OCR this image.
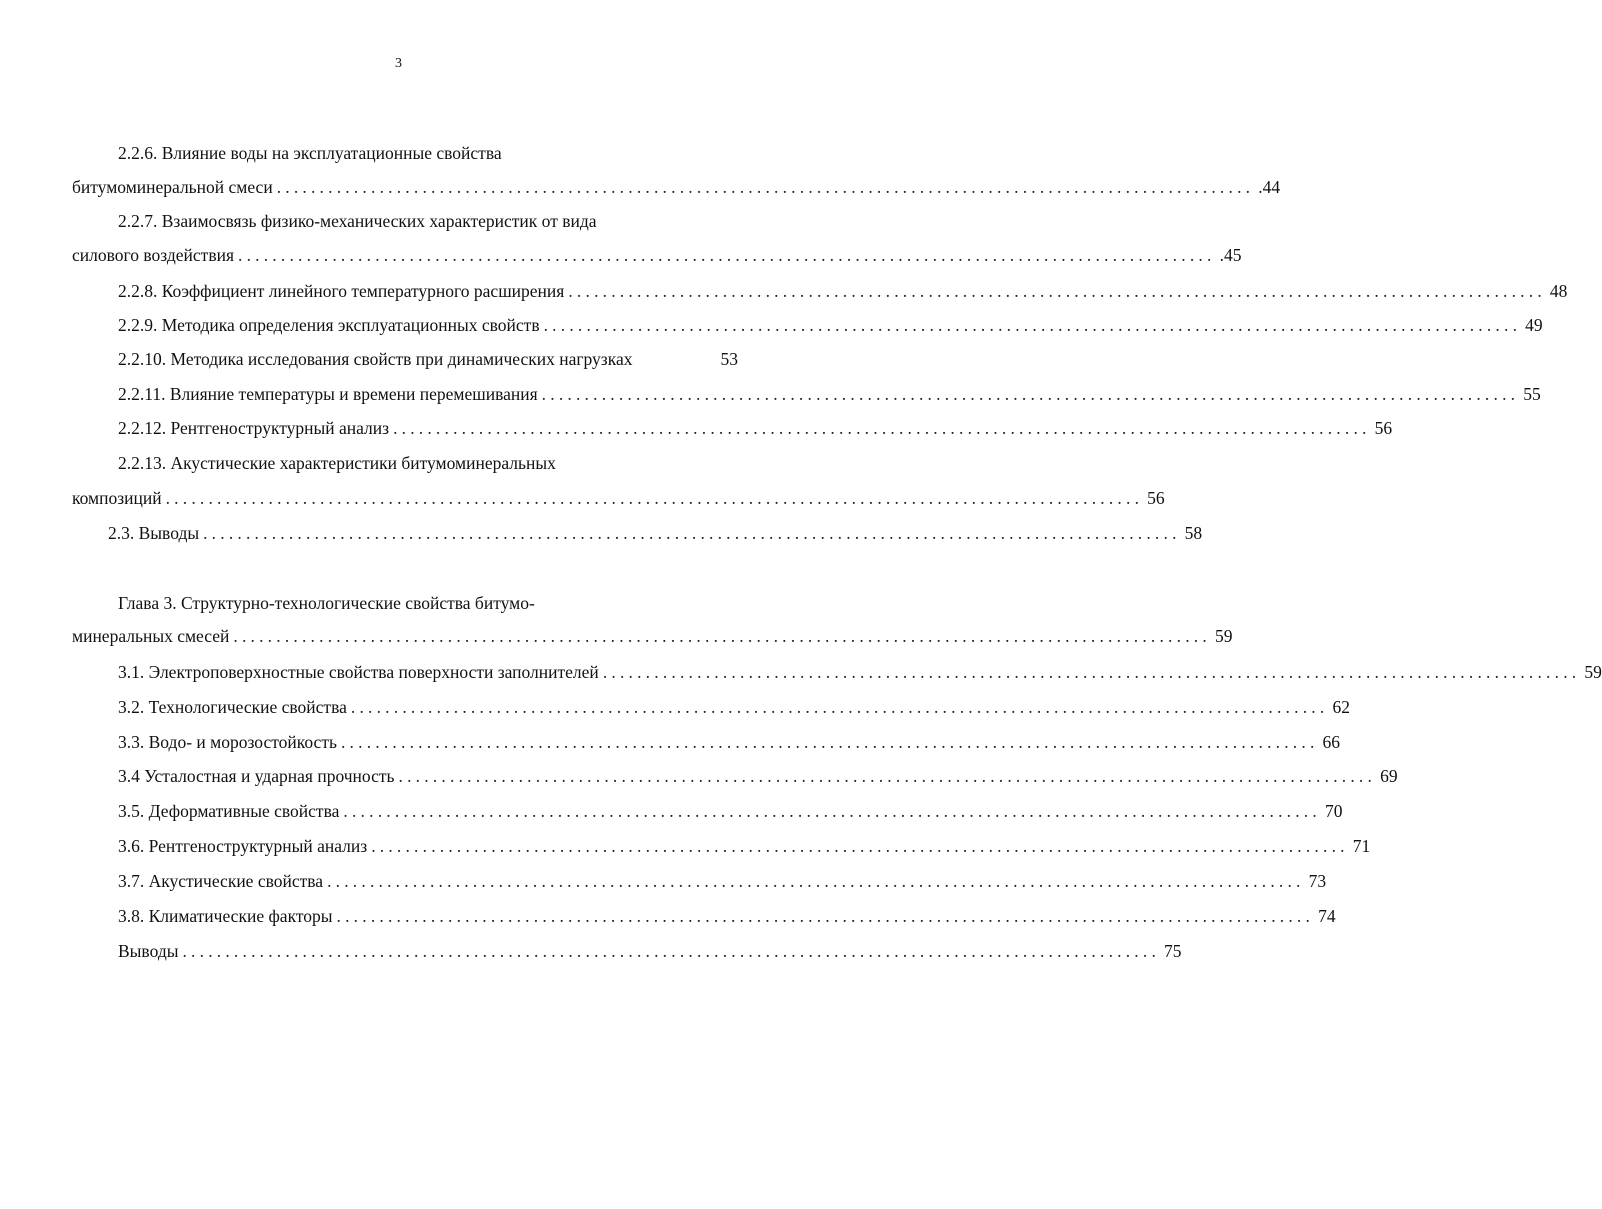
3
2.2.6. Влияние воды на эксплуатационные свойства
битумоминеральной смеси .................................................................................................................. .44
2.2.7. Взаимосвязь физико-механических характеристик от вида
силового воздействия .................................................................................................................. .45
2.2.8. Коэффициент линейного температурного расширения .................................................................................................................. 48
2.2.9. Методика определения эксплуатационных свойств .................................................................................................................. 49
2.2.10. Методика исследования свойств при динамических нагрузках	53
2.2.11. Влияние температуры и времени перемешивания .................................................................................................................. 55
2.2.12. Рентгеноструктурный анализ .................................................................................................................. 56
2.2.13. Акустические характеристики битумоминеральных
композиций .................................................................................................................. 56
2.3. Выводы .................................................................................................................. 58
Глава 3. Структурно-технологические свойства битумо-
минеральных смесей .................................................................................................................. 59
3.1. Электроповерхностные свойства поверхности заполнителей .................................................................................................................. 59
3.2. Технологические свойства .................................................................................................................. 62
3.3. Водо- и морозостойкость .................................................................................................................. 66
3.4 Усталостная и ударная прочность .................................................................................................................. 69
3.5. Деформативные свойства .................................................................................................................. 70
3.6. Рентгеноструктурный анализ .................................................................................................................. 71
3.7. Акустические свойства .................................................................................................................. 73
3.8. Климатические факторы .................................................................................................................. 74
Выводы .................................................................................................................. 75
